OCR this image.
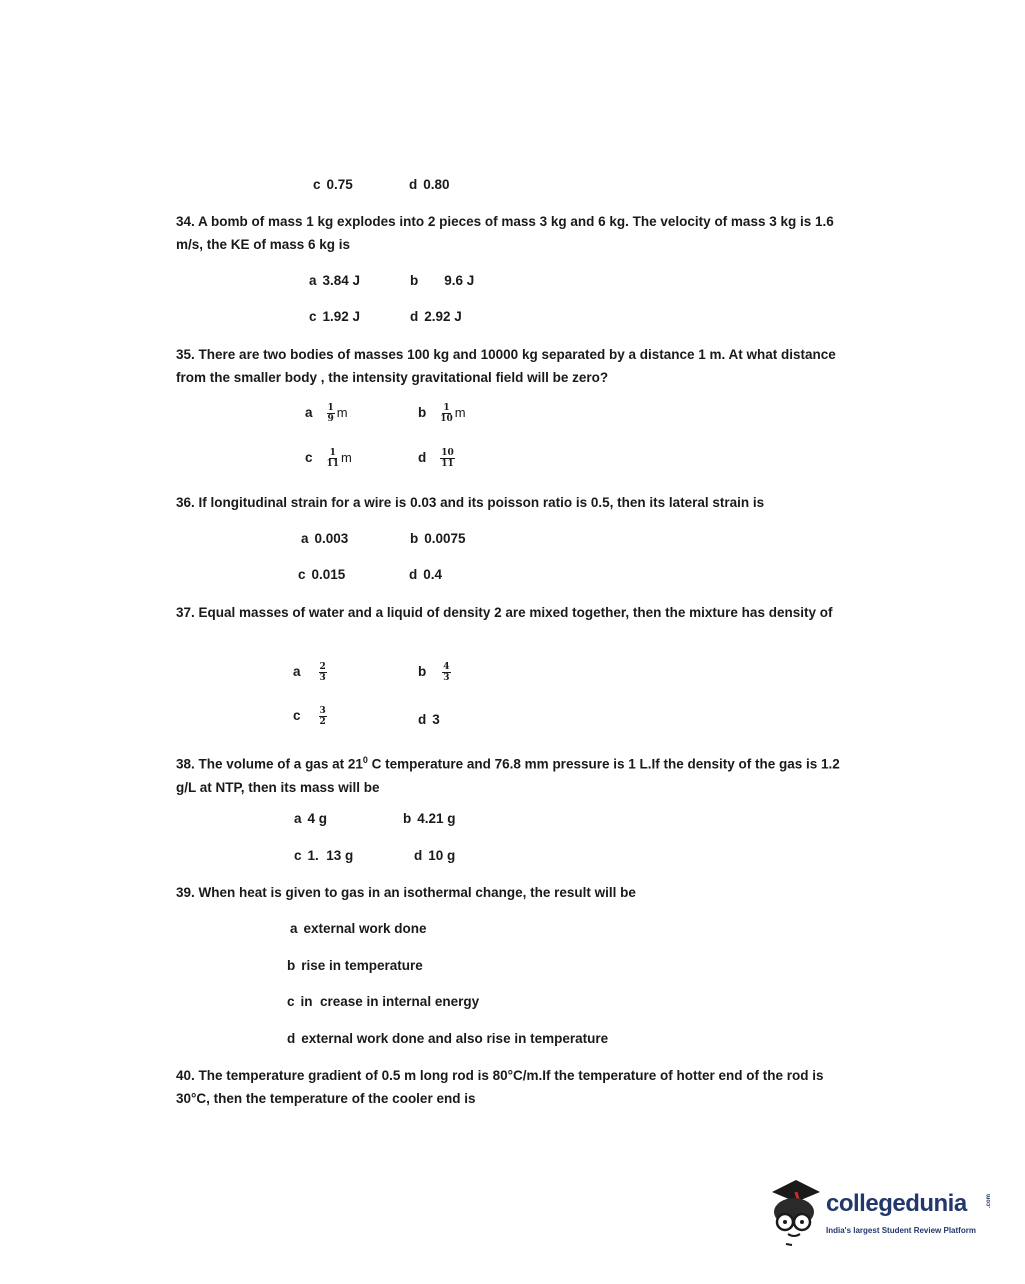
c 0.75	d 0.80
34. A bomb of mass 1 kg explodes into 2 pieces of mass 3 kg and 6 kg. The velocity of mass 3 kg is 1.6 m/s, the KE of mass 6 kg is
a 3.84 J	b 9.6 J
c 1.92 J	d 2.92 J
35. There are two bodies of masses 100 kg and 10000 kg separated by a distance 1 m. At what distance from the smaller body , the intensity gravitational field will be zero?
a $\frac{1}{9}$ m	b $\frac{1}{10}$ m
c $\frac{1}{11}$ m	d $\frac{10}{11}$
36. If longitudinal strain for a wire is 0.03 and its poisson ratio is 0.5, then its lateral strain is
a 0.003	b 0.0075
c 0.015	d 0.4
37. Equal masses of water and a liquid of density 2 are mixed together, then the mixture has density of
a $\frac{2}{3}$	b $\frac{4}{3}$
c $\frac{3}{2}$	d 3
38. The volume of a gas at $21^0$ C temperature and 76.8 mm pressure is 1 L.If the density of the gas is 1.2 g/L at NTP, then its mass will be
a 4 g	b 4.21 g
c 1.  13 g	d 10 g
39. When heat is given to gas in an isothermal change, the result will be
a external work done
b rise in temperature
c in  crease in internal energy
d external work done and also rise in temperature
40. The temperature gradient of 0.5 m long rod is 80°C/m.If the temperature of hotter end of the rod is 30°C, then the temperature of the cooler end is
collegedunia	.com
India's largest Student Review Platform
